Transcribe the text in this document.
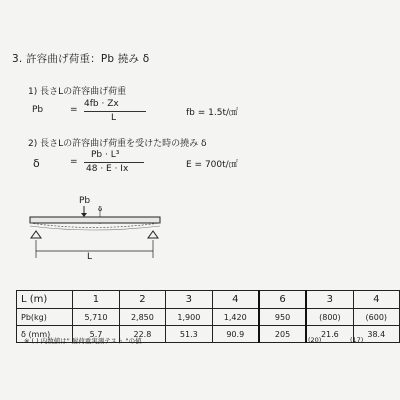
3. 許容曲げ荷重：Pb 撓み δ
1) 長さLの許容曲げ荷重
Pb	=
4fb · Zx
L	fb = 1.5t/㎠
2) 長さLの許容曲げ荷重を受けた時の撓み δ
δ	=
Pb · L³
48 · E · Ix	E = 700t/㎠
Pb
δ
L
L (m)	1	2	3	4	6	3	4
Pb(kg)	5,710	2,850	1,900	1,420	950	(800)	(600)
δ (mm)	5.7	22.8	51.3	90.9	205	21.6	38.4
※ ( ) 内数値は" 耐荷重実測テスト "の値	(20)	(17)
